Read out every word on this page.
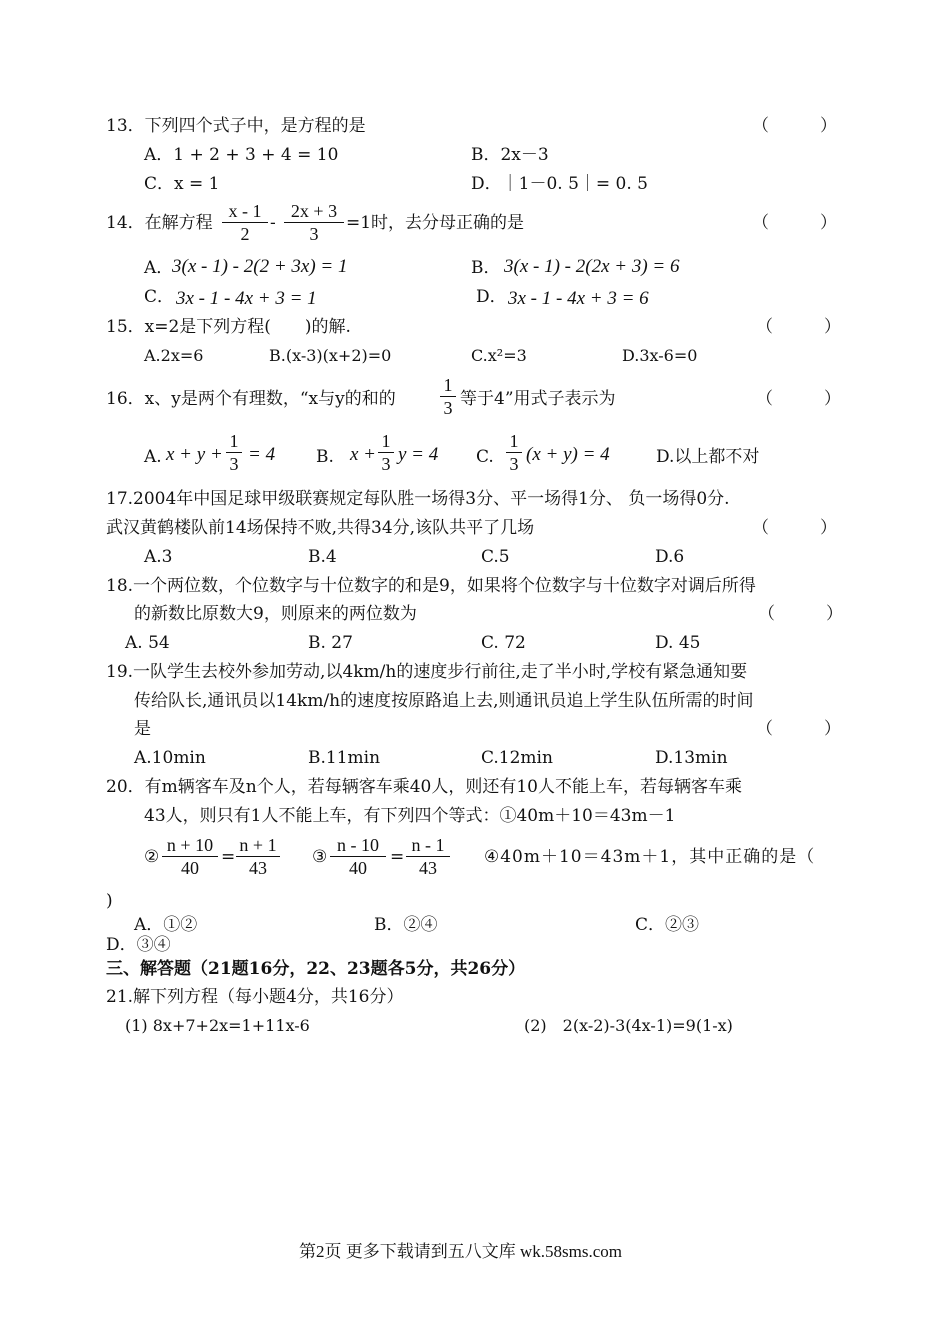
13．下列四个式子中，是方程的是	（　　　）
A．1 + 2 + 3 + 4 = 10	B．2x－3
C．x = 1	D．｜1－0. 5｜= 0. 5
14．在解方程
x - 1
2
-
2x + 3
3
=1时，去分母正确的是	（　　　）
A．
3(x - 1) - 2(2 + 3x) = 1	B． 3(x - 1) - 2(2x + 3) = 6
C． 3x - 1 - 4x + 3 = 1	D． 3x - 1 - 4x + 3 = 6
15．x=2是下列方程(　　)的解.	（　　　）
A.2x=6	B.(x-3)(x+2)=0	C.x²=3	D.3x-6=0
16．x、y是两个有理数，“x与y的和的
1
3 等于4”用式子表示为	（　　　）
A. x + y +
1
3 = 4 B. x +
1
3 y = 4 C.
1
3 (x + y) = 4	D.以上都不对
17.2004年中国足球甲级联赛规定每队胜一场得3分、平一场得1分、 负一场得0分.
武汉黄鹤楼队前14场保持不败,共得34分,该队共平了几场	（　　　）
A.3	B.4	C.5	D.6
18.一个两位数，个位数字与十位数字的和是9，如果将个位数字与十位数字对调后所得
的新数比原数大9，则原来的两位数为	（　　　）
A. 54	B. 27	C. 72	D. 45
19.一队学生去校外参加劳动,以4km/h的速度步行前往,走了半小时,学校有紧急通知要
传给队长,通讯员以14km/h的速度按原路追上去,则通讯员追上学生队伍所需的时间
是	（　　　）
A.10min	B.11min	C.12min	D.13min
20．有m辆客车及n个人，若每辆客车乘40人，则还有10人不能上车，若每辆客车乘
43人，则只有1人不能上车，有下列四个等式：①40m＋10＝43m－1
②
n + 10
40
=
n + 1
43
③
n - 10
40
=
n - 1
43
④40m＋10＝43m＋1，其中正确的是（
)
A．①②	B．②④	C．②③
D．③④
三、解答题（21题16分，22、23题各5分，共26分）
21.解下列方程（每小题4分，共16分）
(1) 8x+7+2x=1+11x-6	(2)　2(x-2)-3(4x-1)=9(1-x)
第2页 更多下载请到五八文库 wk.58sms.com
